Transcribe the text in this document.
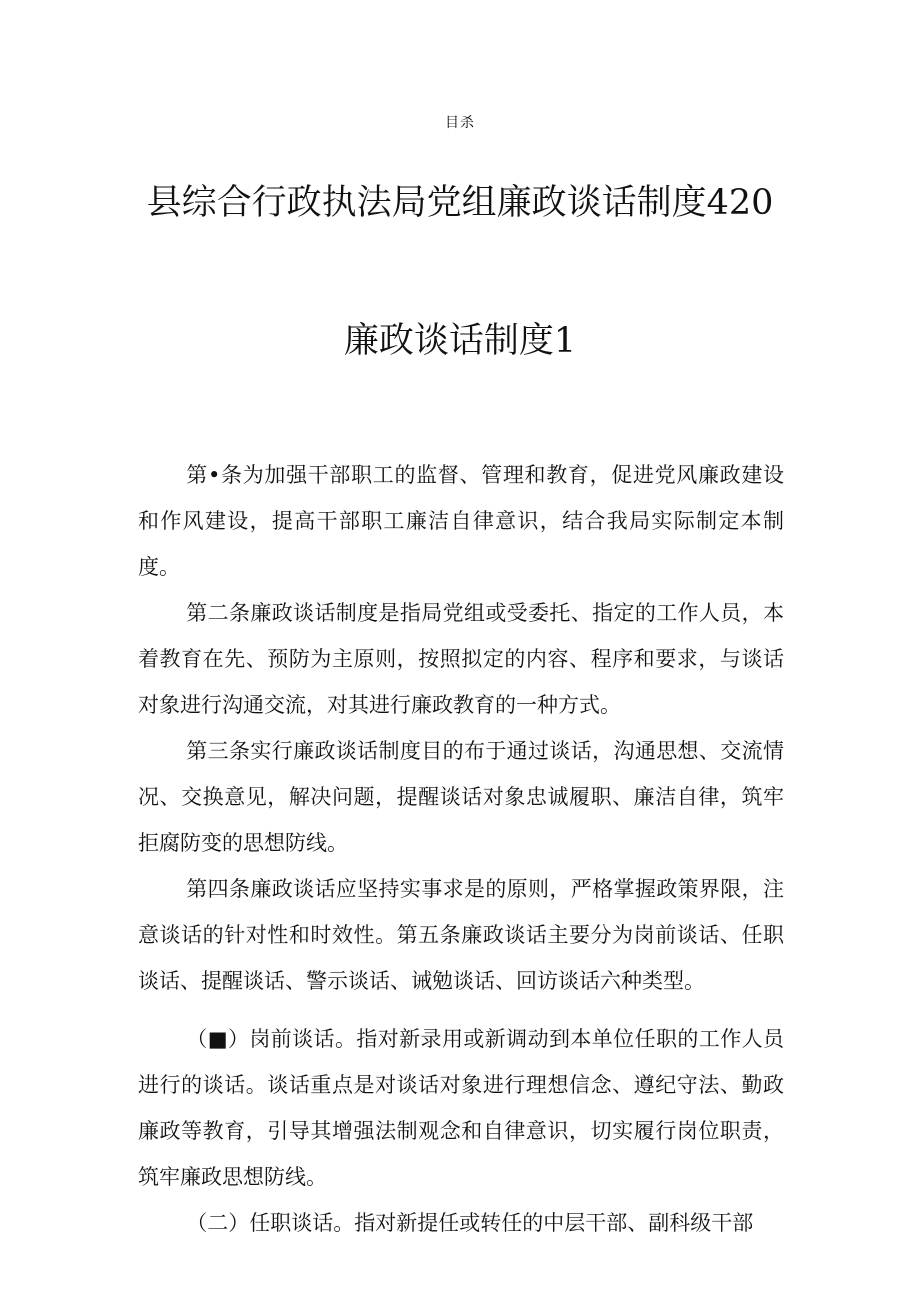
目杀
县综合行政执法局党组廉政谈话制度420
廉政谈话制度1

第•条为加强干部职工的监督、管理和教育，促进党风廉政建设和作风建设，提高干部职工廉洁自律意识，结合我局实际制定本制度。

第二条廉政谈话制度是指局党组或受委托、指定的工作人员，本着教育在先、预防为主原则，按照拟定的内容、程序和要求，与谈话对象进行沟通交流，对其进行廉政教育的一种方式。

第三条实行廉政谈话制度目的布于通过谈话，沟通思想、交流情况、交换意见，解决问题，提醒谈话对象忠诚履职、廉洁自律，筑牢拒腐防变的思想防线。

第四条廉政谈话应坚持实事求是的原则，严格掌握政策界限，注意谈话的针对性和时效性。第五条廉政谈话主要分为岗前谈话、任职谈话、提醒谈话、警示谈话、诫勉谈话、回访谈话六种类型。

（■）岗前谈话。指对新录用或新调动到本单位任职的工作人员进行的谈话。谈话重点是对谈话对象进行理想信念、遵纪守法、勤政廉政等教育，引导其增强法制观念和自律意识，切实履行岗位职责，筑牢廉政思想防线。

（二）任职谈话。指对新提任或转任的中层干部、副科级干部
